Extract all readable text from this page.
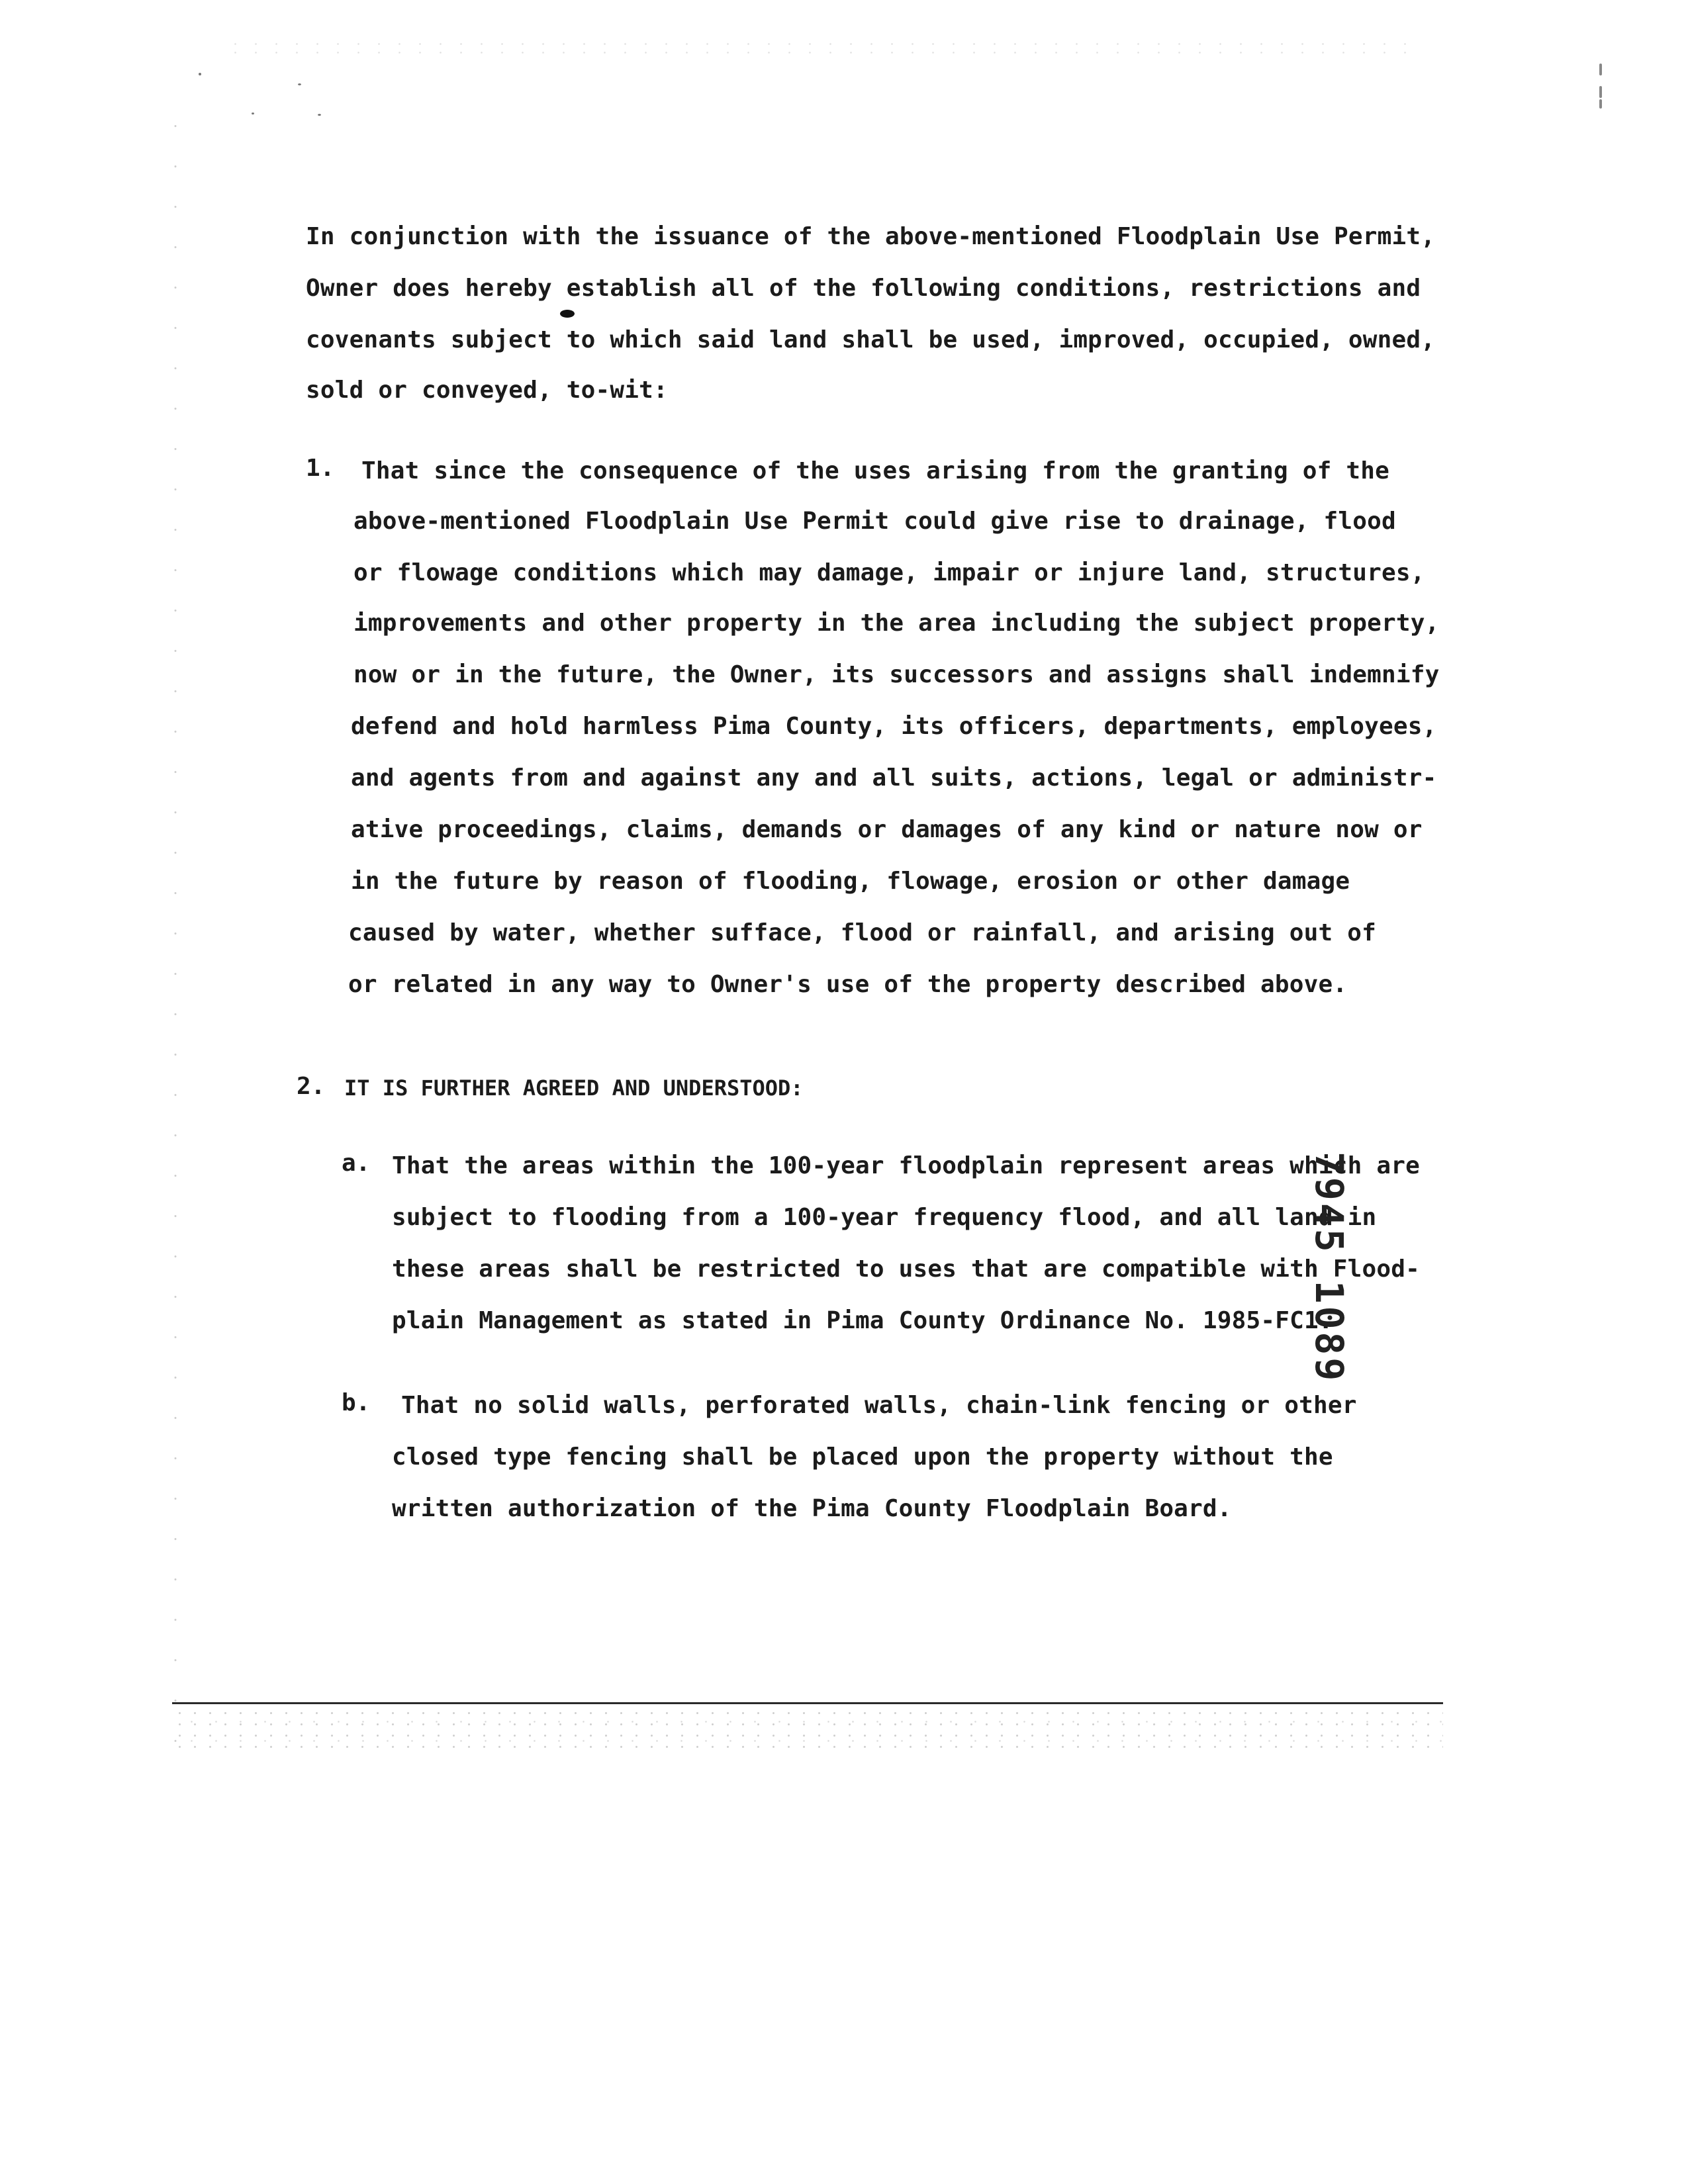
In conjunction with the issuance of the above-mentioned Floodplain Use Permit,
Owner does hereby establish all of the following conditions, restrictions and
covenants subject to which said land shall be used, improved, occupied, owned,
sold or conveyed, to-wit:
1. That since the consequence of the uses arising from the granting of the
above-mentioned Floodplain Use Permit could give rise to drainage, flood
or flowage conditions which may damage, impair or injure land, structures,
improvements and other property in the area including the subject property,
now or in the future, the Owner, its successors and assigns shall indemnify
defend and hold harmless Pima County, its officers, departments, employees,
and agents from and against any and all suits, actions, legal or administr-
ative proceedings, claims, demands or damages of any kind or nature now or
in the future by reason of flooding, flowage, erosion or other damage
caused by water, whether sufface, flood or rainfall, and arising out of
or related in any way to Owner's use of the property described above.
2. IT IS FURTHER AGREED AND UNDERSTOOD:
a. That the areas within the 100-year floodplain represent areas which are
subject to flooding from a 100-year frequency flood, and all land in
these areas shall be restricted to uses that are compatible with Flood-
plain Management as stated in Pima County Ordinance No. 1985-FC1.
b. That no solid walls, perforated walls, chain-link fencing or other
closed type fencing shall be placed upon the property without the
written authorization of the Pima County Floodplain Board.
7945 1089
